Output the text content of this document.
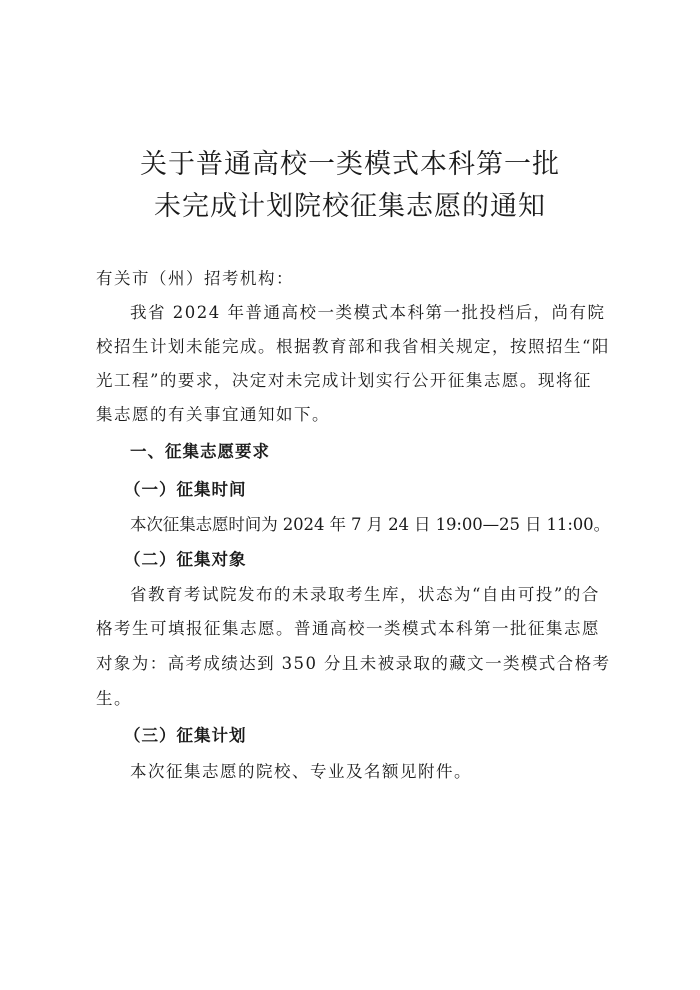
关于普通高校一类模式本科第一批
未完成计划院校征集志愿的通知
有关市（州）招考机构：
我省 2024 年普通高校一类模式本科第一批投档后，尚有院
校招生计划未能完成。根据教育部和我省相关规定，按照招生“阳
光工程”的要求，决定对未完成计划实行公开征集志愿。现将征
集志愿的有关事宜通知如下。
一、征集志愿要求
（一）征集时间
本次征集志愿时间为 2024 年 7 月 24 日 19:00—25 日 11:00。
（二）征集对象
省教育考试院发布的未录取考生库，状态为“自由可投”的合
格考生可填报征集志愿。普通高校一类模式本科第一批征集志愿
对象为：高考成绩达到 350 分且未被录取的藏文一类模式合格考
生。
（三）征集计划
本次征集志愿的院校、专业及名额见附件。
